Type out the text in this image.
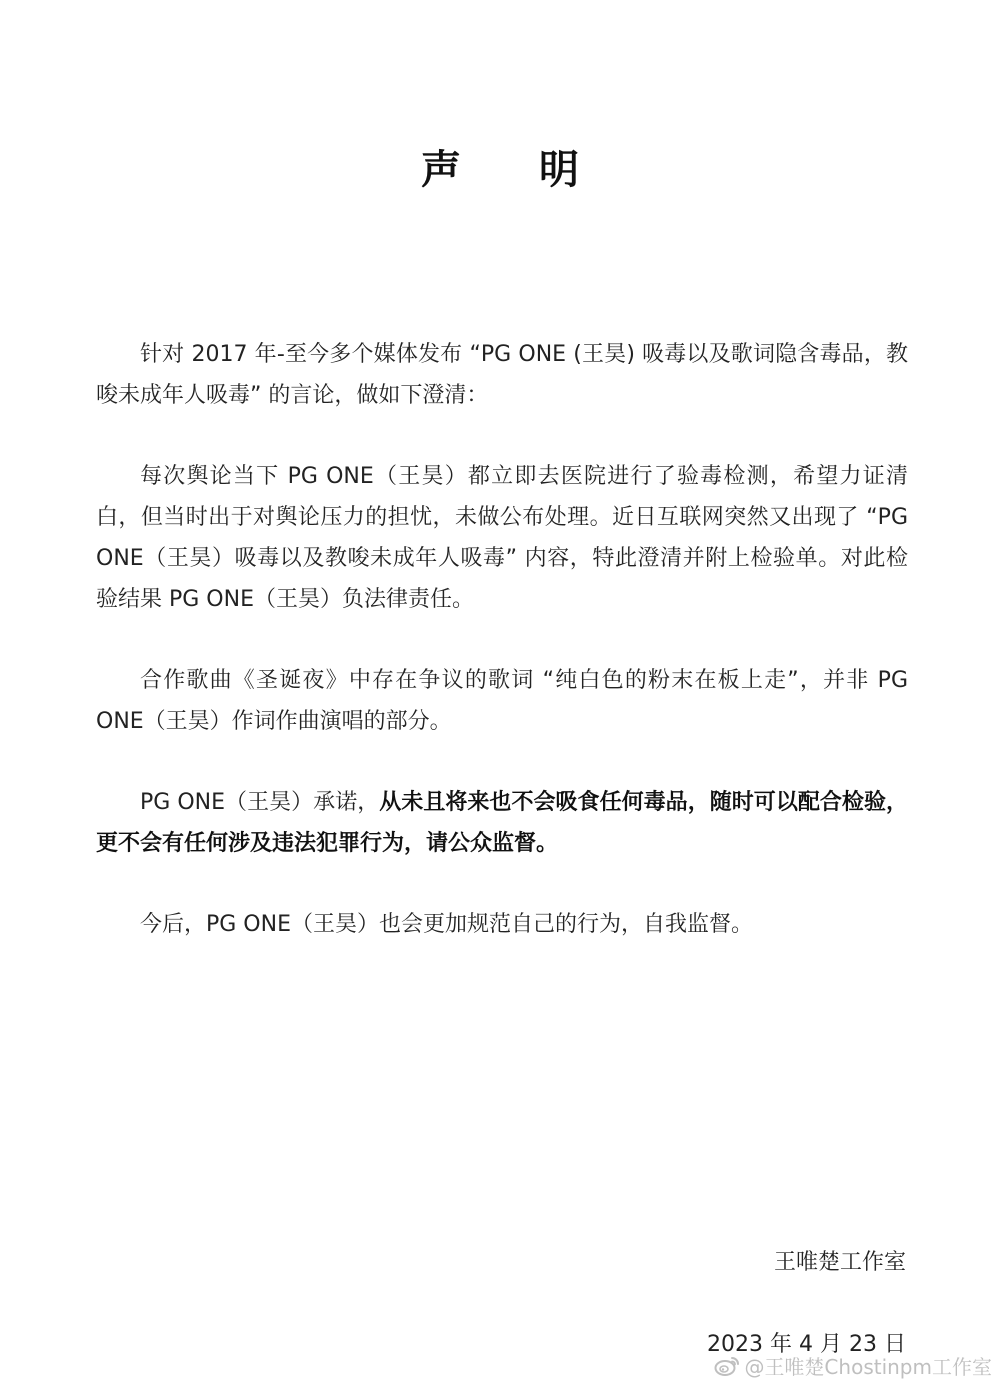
声明

针对 2017 年-至今多个媒体发布 “PG ONE (王昊) 吸毒以及歌词隐含毒品，教唆未成年人吸毒” 的言论，做如下澄清：

每次舆论当下 PG ONE（王昊）都立即去医院进行了验毒检测，希望力证清白，但当时出于对舆论压力的担忧，未做公布处理。近日互联网突然又出现了 “PG ONE（王昊）吸毒以及教唆未成年人吸毒” 内容，特此澄清并附上检验单。对此检验结果 PG ONE（王昊）负法律责任。

合作歌曲《圣诞夜》中存在争议的歌词 “纯白色的粉末在板上走”，并非 PG ONE（王昊）作词作曲演唱的部分。

PG ONE（王昊）承诺，从未且将来也不会吸食任何毒品，随时可以配合检验，更不会有任何涉及违法犯罪行为，请公众监督。

今后，PG ONE（王昊）也会更加规范自己的行为，自我监督。

王唯楚工作室
2023 年 4 月 23 日
@王唯楚Chostinpm工作室
